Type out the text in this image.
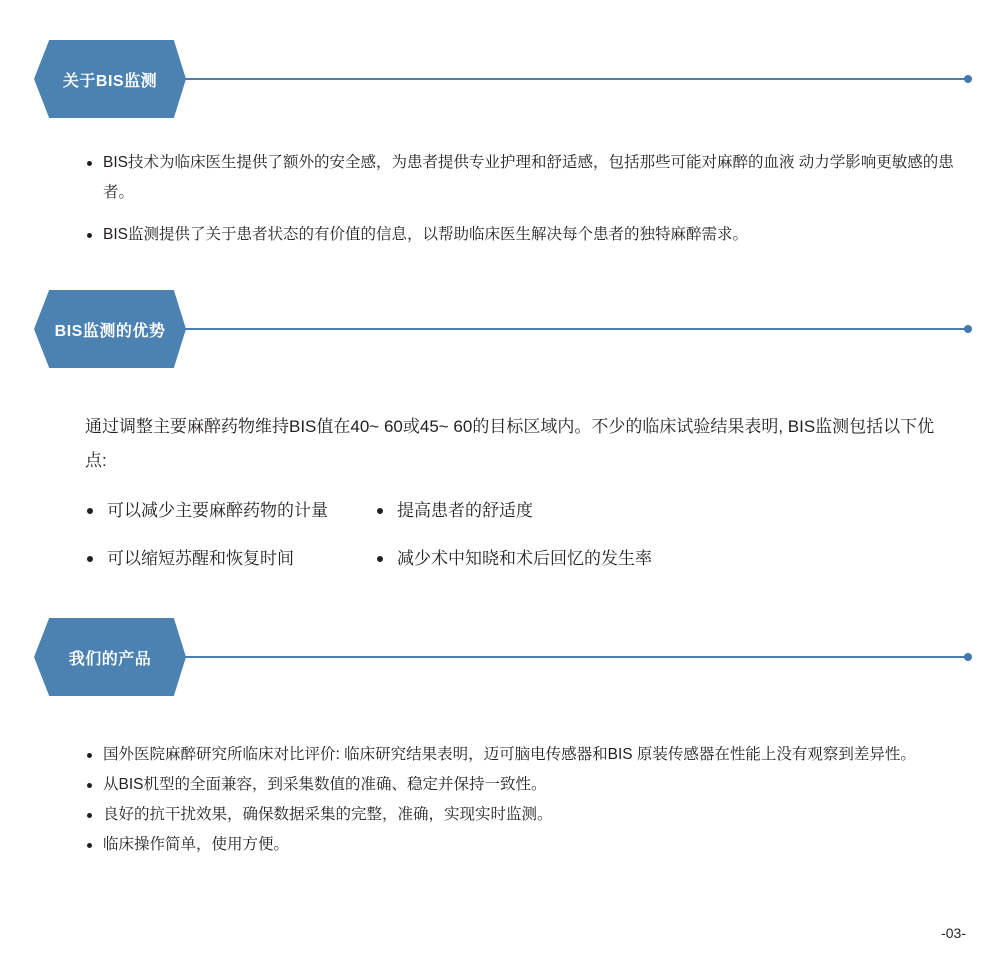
关于BIS监测
BIS技术为临床医生提供了额外的安全感，为患者提供专业护理和舒适感，包括那些可能对麻醉的血液 动力学影响更敏感的患者。
BIS监测提供了关于患者状态的有价值的信息，以帮助临床医生解决每个患者的独特麻醉需求。
BIS监测的优势
通过调整主要麻醉药物维持BIS值在40~ 60或45~ 60的目标区域内。不少的临床试验结果表明, BIS监测包括以下优点:
可以减少主要麻醉药物的计量	提高患者的舒适度
可以缩短苏醒和恢复时间	减少术中知晓和术后回忆的发生率
我们的产品
国外医院麻醉研究所临床对比评价: 临床研究结果表明，迈可脑电传感器和BIS 原装传感器在性能上没有观察到差异性。
从BIS机型的全面兼容，到采集数值的准确、稳定并保持一致性。
良好的抗干扰效果，确保数据采集的完整，准确，实现实时监测。
临床操作简单，使用方便。
-03-
